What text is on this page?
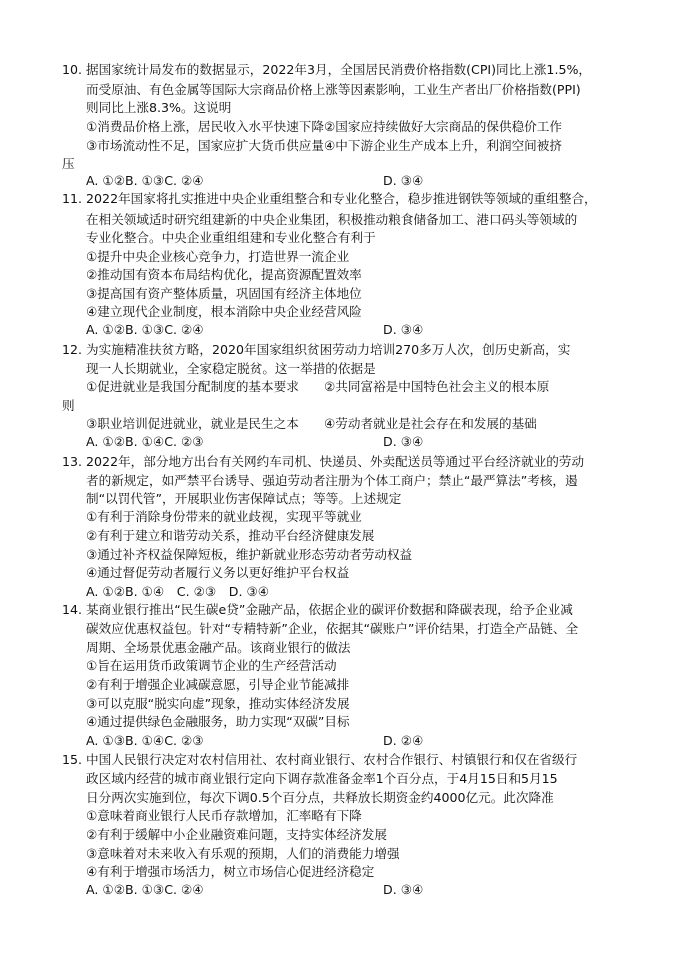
10. 据国家统计局发布的数据显示，2022年3月，全国居民消费价格指数(CPI)同比上涨1.5%，
而受原油、有色金属等国际大宗商品价格上涨等因素影响，工业生产者出厂价格指数(PPI)
则同比上涨8.3%。这说明
①消费品价格上涨，居民收入水平快速下降②国家应持续做好大宗商品的保供稳价工作
③市场流动性不足，国家应扩大货币供应量④中下游企业生产成本上升，利润空间被挤
压
A. ①②B. ①③C. ②④	D. ③④
11. 2022年国家将扎实推进中央企业重组整合和专业化整合，稳步推进钢铁等领域的重组整合，
在相关领域适时研究组建新的中央企业集团，积极推动粮食储备加工、港口码头等领域的
专业化整合。中央企业重组组建和专业化整合有利于
①提升中央企业核心竞争力，打造世界一流企业
②推动国有资本布局结构优化，提高资源配置效率
③提高国有资产整体质量，巩固国有经济主体地位
④建立现代企业制度，根本消除中央企业经营风险
A. ①②B. ①③C. ②④	D. ③④
12. 为实施精准扶贫方略，2020年国家组织贫困劳动力培训270多万人次，创历史新高，实
现一人长期就业，全家稳定脱贫。这一举措的依据是
①促进就业是我国分配制度的基本要求　　②共同富裕是中国特色社会主义的根本原
则
③职业培训促进就业，就业是民生之本　　④劳动者就业是社会存在和发展的基础
A. ①②B. ①④C. ②③	D. ③④
13. 2022年，部分地方出台有关网约车司机、快递员、外卖配送员等通过平台经济就业的劳动
者的新规定，如严禁平台诱导、强迫劳动者注册为个体工商户；禁止“最严算法”考核，遏
制“以罚代管”，开展职业伤害保障试点；等等。上述规定
①有利于消除身份带来的就业歧视，实现平等就业
②有利于建立和谐劳动关系，推动平台经济健康发展
③通过补齐权益保障短板，维护新就业形态劳动者劳动权益
④通过督促劳动者履行义务以更好维护平台权益
A. ①②B. ①④　C. ②③　D. ③④
14. 某商业银行推出“民生碳e贷”金融产品，依据企业的碳评价数据和降碳表现，给予企业减
碳效应优惠权益包。针对“专精特新”企业，依据其“碳账户”评价结果，打造全产品链、全
周期、全场景优惠金融产品。该商业银行的做法
①旨在运用货币政策调节企业的生产经营活动
②有利于增强企业减碳意愿，引导企业节能减排
③可以克服“脱实向虚”现象，推动实体经济发展
④通过提供绿色金融服务，助力实现“双碳”目标
A. ①③B. ①④C. ②③	D. ②④
15. 中国人民银行决定对农村信用社、农村商业银行、农村合作银行、村镇银行和仅在省级行
政区域内经营的城市商业银行定向下调存款准备金率1个百分点，于4月15日和5月15
日分两次实施到位，每次下调0.5个百分点，共释放长期资金约4000亿元。此次降准
①意味着商业银行人民币存款增加，汇率略有下降
②有利于缓解中小企业融资难问题，支持实体经济发展
③意味着对未来收入有乐观的预期，人们的消费能力增强
④有利于增强市场活力，树立市场信心促进经济稳定
A. ①②B. ①③C. ②④	D. ③④
